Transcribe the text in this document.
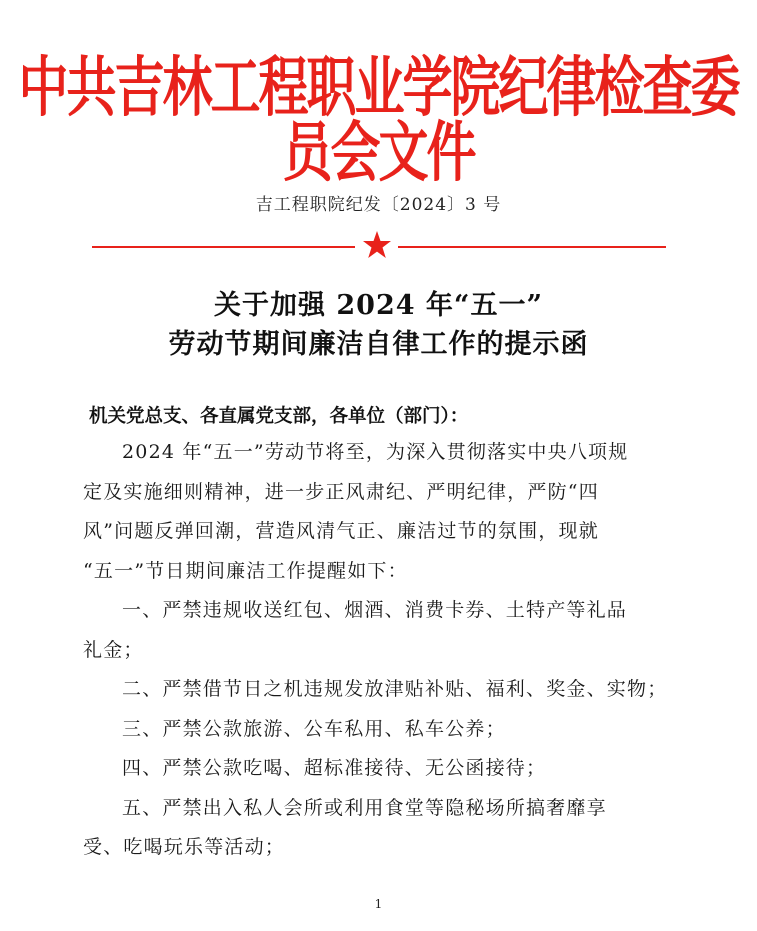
中共吉林工程职业学院纪律检查委员会文件
吉工程职院纪发〔2024〕3 号
关于加强 2024 年“五一”
劳动节期间廉洁自律工作的提示函
机关党总支、各直属党支部，各单位（部门）：
2024 年“五一”劳动节将至，为深入贯彻落实中央八项规
定及实施细则精神，进一步正风肃纪、严明纪律，严防“四
风”问题反弹回潮，营造风清气正、廉洁过节的氛围，现就
“五一”节日期间廉洁工作提醒如下：
一、严禁违规收送红包、烟酒、消费卡券、土特产等礼品
礼金；
二、严禁借节日之机违规发放津贴补贴、福利、奖金、实物；
三、严禁公款旅游、公车私用、私车公养；
四、严禁公款吃喝、超标准接待、无公函接待；
五、严禁出入私人会所或利用食堂等隐秘场所搞奢靡享
受、吃喝玩乐等活动；
1
